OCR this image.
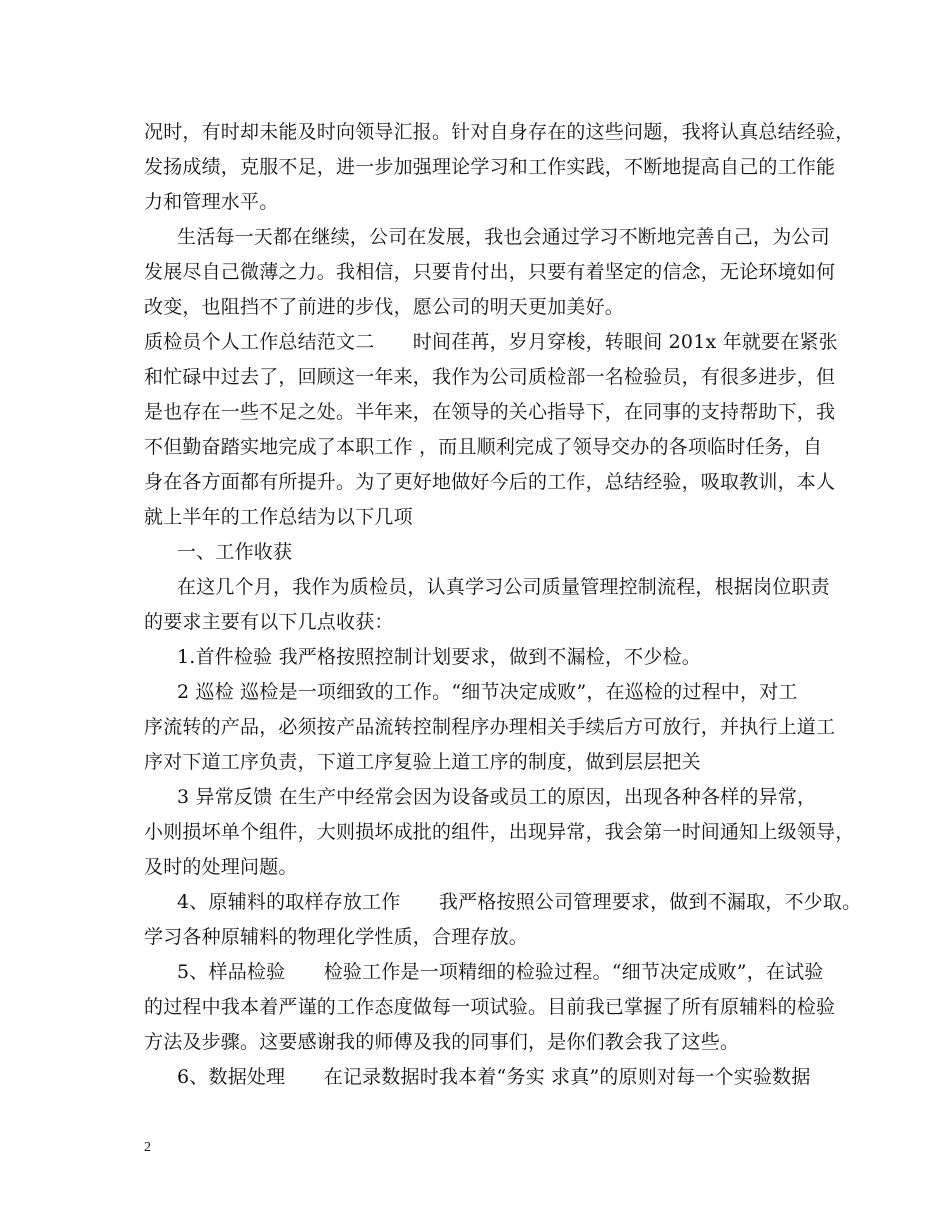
况时，有时却未能及时向领导汇报。针对自身存在的这些问题，我将认真总结经验，
发扬成绩，克服不足，进一步加强理论学习和工作实践，不断地提高自己的工作能
力和管理水平。
生活每一天都在继续，公司在发展，我也会通过学习不断地完善自己，为公司
发展尽自己微薄之力。我相信，只要肯付出，只要有着坚定的信念，无论环境如何
改变，也阻挡不了前进的步伐，愿公司的明天更加美好。
质检员个人工作总结范文二　　时间荏苒，岁月穿梭，转眼间 201x 年就要在紧张
和忙碌中过去了，回顾这一年来，我作为公司质检部一名检验员，有很多进步，但
是也存在一些不足之处。半年来，在领导的关心指导下，在同事的支持帮助下，我
不但勤奋踏实地完成了本职工作 ，而且顺利完成了领导交办的各项临时任务，自
身在各方面都有所提升。为了更好地做好今后的工作，总结经验，吸取教训，本人
就上半年的工作总结为以下几项
一、工作收获
在这几个月，我作为质检员，认真学习公司质量管理控制流程，根据岗位职责
的要求主要有以下几点收获：
1.首件检验 我严格按照控制计划要求，做到不漏检，不少检。
2 巡检 巡检是一项细致的工作。“细节决定成败”，在巡检的过程中，对工
序流转的产品，必须按产品流转控制程序办理相关手续后方可放行，并执行上道工
序对下道工序负责，下道工序复验上道工序的制度，做到层层把关
3 异常反馈 在生产中经常会因为设备或员工的原因，出现各种各样的异常，
小则损坏单个组件，大则损坏成批的组件，出现异常，我会第一时间通知上级领导，
及时的处理问题。
4、原辅料的取样存放工作　　我严格按照公司管理要求，做到不漏取，不少取。
学习各种原辅料的物理化学性质，合理存放。
5、样品检验　　检验工作是一项精细的检验过程。“细节决定成败”，在试验
的过程中我本着严谨的工作态度做每一项试验。目前我已掌握了所有原辅料的检验
方法及步骤。这要感谢我的师傅及我的同事们，是你们教会我了这些。
6、数据处理　　在记录数据时我本着“务实 求真”的原则对每一个实验数据
2
